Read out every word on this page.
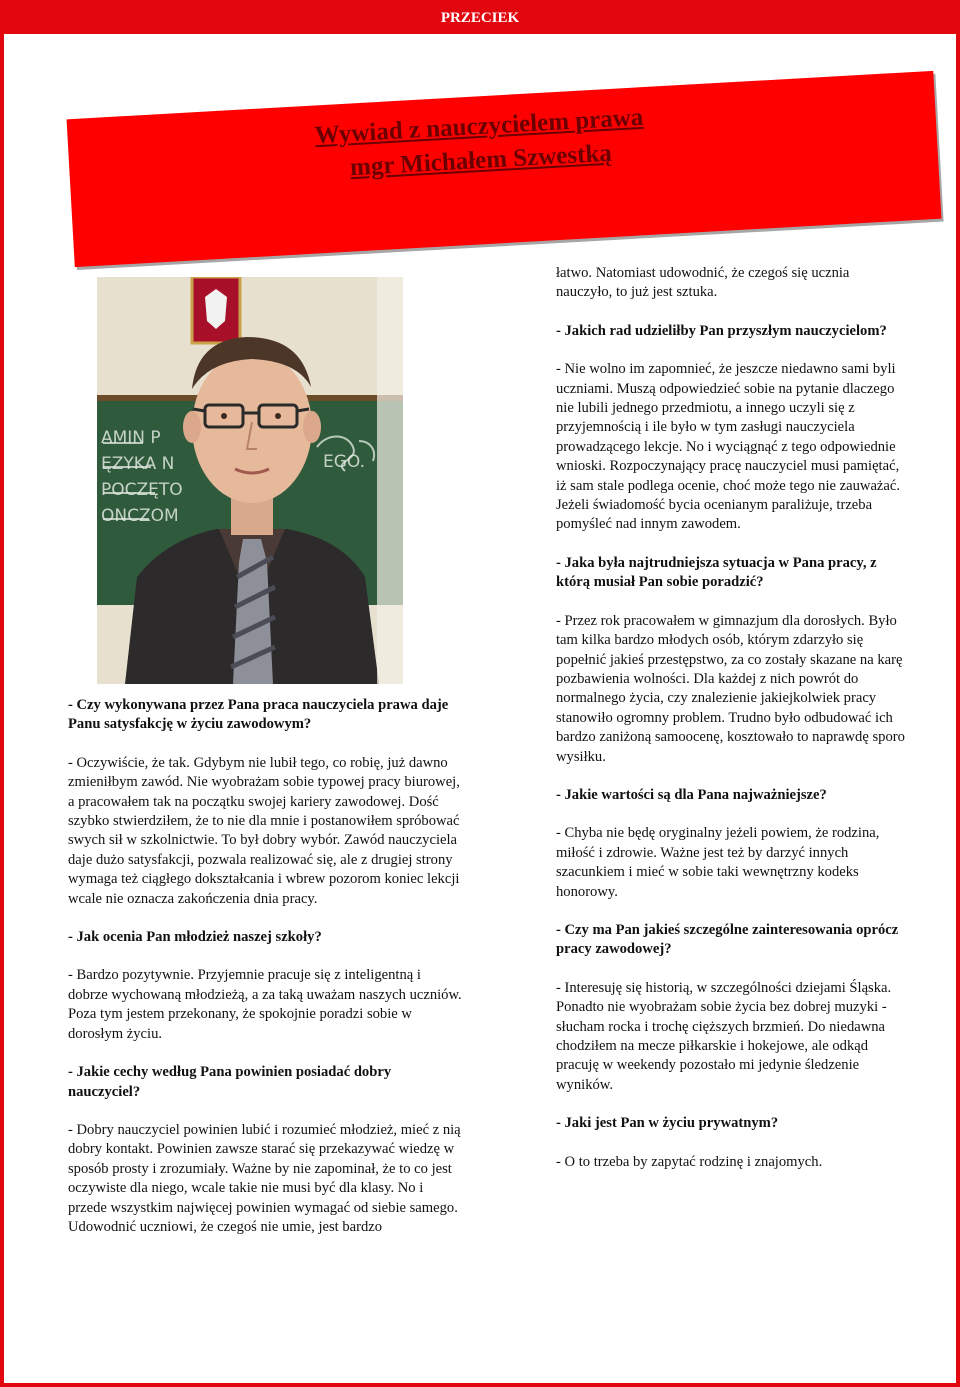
PRZECIEK
Wywiad z nauczycielem prawa
mgr Michałem Szwestką
AMIN P
ĘZYKA N	EGO.
POCZĘTO
ONCZOM

- Czy wykonywana przez Pana praca nauczyciela prawa daje Panu satysfakcję w życiu zawodowym?

- Oczywiście, że tak. Gdybym nie lubił tego, co robię, już dawno zmieniłbym zawód. Nie wyobrażam sobie typowej pracy biurowej, a pracowałem tak na początku swojej kariery zawodowej. Dość szybko stwierdziłem, że to nie dla mnie i postanowiłem spróbować swych sił w szkolnictwie. To był dobry wybór. Zawód nauczyciela daje dużo satysfakcji, pozwala realizować się, ale z drugiej strony wymaga też ciągłego dokształcania i wbrew pozorom koniec lekcji wcale nie oznacza zakończenia dnia pracy.

- Jak ocenia Pan młodzież naszej szkoły?

- Bardzo pozytywnie. Przyjemnie pracuje się z inteligentną i dobrze wychowaną młodzieżą, a za taką uważam naszych uczniów. Poza tym jestem przekonany, że spokojnie poradzi sobie w dorosłym życiu.

- Jakie cechy według Pana powinien posiadać dobry nauczyciel?

- Dobry nauczyciel powinien lubić i rozumieć młodzież, mieć z nią dobry kontakt. Powinien zawsze starać się przekazywać wiedzę w sposób prosty i zrozumiały. Ważne by nie zapominał, że to co jest oczywiste dla niego, wcale takie nie musi być dla klasy. No i przede wszystkim najwięcej powinien wymagać od siebie samego. Udowodnić uczniowi, że czegoś nie umie, jest bardzo

łatwo. Natomiast udowodnić, że czegoś się ucznia nauczyło, to już jest sztuka.

- Jakich rad udzieliłby Pan przyszłym nauczycielom?

- Nie wolno im zapomnieć, że jeszcze niedawno sami byli uczniami. Muszą odpowiedzieć sobie na pytanie dlaczego nie lubili jednego przedmiotu, a innego uczyli się z przyjemnością i ile było w tym zasługi nauczyciela prowadzącego lekcje. No i wyciągnąć z tego odpowiednie wnioski. Rozpoczynający pracę nauczyciel musi pamiętać, iż sam stale podlega ocenie, choć może tego nie zauważać. Jeżeli świadomość bycia ocenianym paraliżuje, trzeba pomyśleć nad innym zawodem.

- Jaka była najtrudniejsza sytuacja w Pana pracy, z którą musiał Pan sobie poradzić?

- Przez rok pracowałem w gimnazjum dla dorosłych. Było tam kilka bardzo młodych osób, którym zdarzyło się popełnić jakieś przestępstwo, za co zostały skazane na karę pozbawienia wolności. Dla każdej z nich powrót do normalnego życia, czy znalezienie jakiejkolwiek pracy stanowiło ogromny problem. Trudno było odbudować ich bardzo zaniżoną samoocenę, kosztowało to naprawdę sporo wysiłku.

- Jakie wartości są dla Pana najważniejsze?

- Chyba nie będę oryginalny jeżeli powiem, że rodzina, miłość i zdrowie. Ważne jest też by darzyć innych szacunkiem i mieć w sobie taki wewnętrzny kodeks honorowy.

- Czy ma Pan jakieś szczególne zainteresowania oprócz pracy zawodowej?

- Interesuję się historią, w szczególności dziejami Śląska. Ponadto nie wyobrażam sobie życia bez dobrej muzyki - słucham rocka i trochę cięższych brzmień. Do niedawna chodziłem na mecze piłkarskie i hokejowe, ale odkąd pracuję w weekendy pozostało mi jedynie śledzenie wyników.

- Jaki jest Pan w życiu prywatnym?

- O to trzeba by zapytać rodzinę i znajomych.
